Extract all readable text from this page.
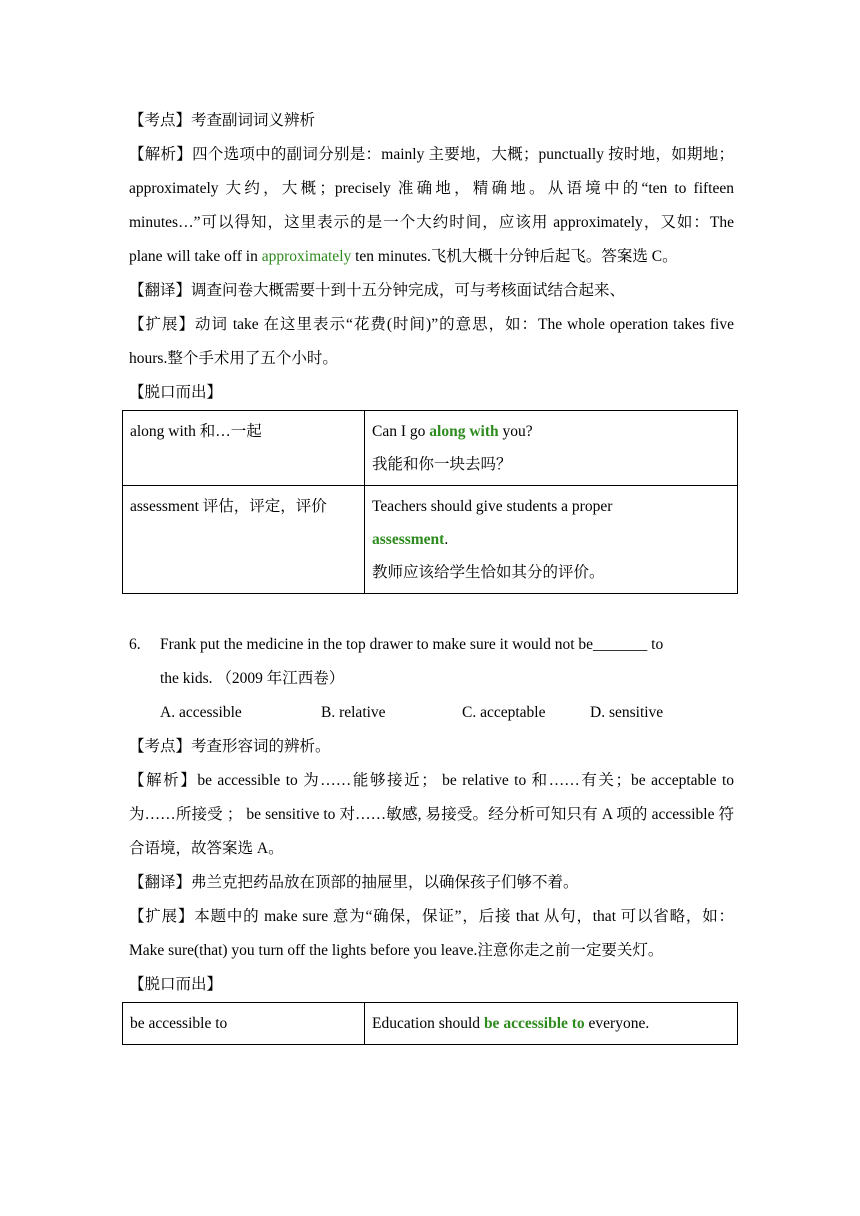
【考点】考查副词词义辨析

【解析】四个选项中的副词分别是：mainly 主要地，大概；punctually 按时地，如期地；approximately 大约，大概；precisely 准确地，精确地。从语境中的“ten to fifteen minutes…”可以得知，这里表示的是一个大约时间，应该用 approximately，又如：The plane will take off in approximately ten minutes.飞机大概十分钟后起飞。答案选 C。

【翻译】调查问卷大概需要十到十五分钟完成，可与考核面试结合起来、

【扩展】动词 take 在这里表示“花费(时间)”的意思，如：The whole operation takes five hours.整个手术用了五个小时。

【脱口而出】

along with 和…一起	Can I go along with you?
我能和你一块去吗？

assessment 评估，评定，评价	Teachers should give students a proper assessment.
教师应该给学生恰如其分的评价。

6. Frank put the medicine in the top drawer to make sure it would not be_______ to

the kids. （2009 年江西卷）

A. accessible	B. relative	C. acceptable	D. sensitive

【考点】考查形容词的辨析。

【解析】be accessible to 为……能够接近； be relative to 和……有关；be acceptable to 为……所接受 ； be sensitive to 对……敏感, 易接受。经分析可知只有 A 项的 accessible 符合语境，故答案选 A。

【翻译】弗兰克把药品放在顶部的抽屉里，以确保孩子们够不着。

【扩展】本题中的 make sure 意为“确保，保证”，后接 that 从句，that 可以省略，如：Make sure(that) you turn off the lights before you leave.注意你走之前一定要关灯。

【脱口而出】

be accessible to	Education should be accessible to everyone.
